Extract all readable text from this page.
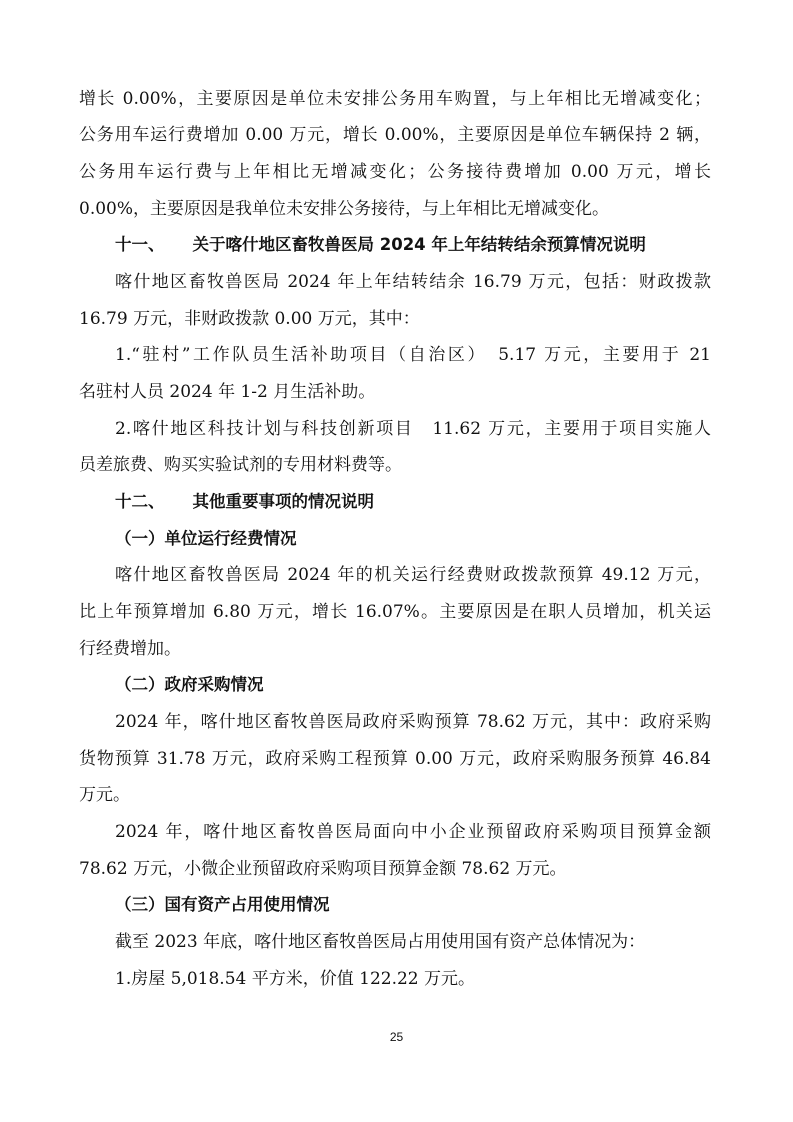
增长 0.00%，主要原因是单位未安排公务用车购置，与上年相比无增减变化；
公务用车运行费增加 0.00 万元，增长 0.00%，主要原因是单位车辆保持 2 辆，
公务用车运行费与上年相比无增减变化；公务接待费增加 0.00 万元，增长
0.00%，主要原因是我单位未安排公务接待，与上年相比无增减变化。
十一、 关于喀什地区畜牧兽医局 2024 年上年结转结余预算情况说明
喀什地区畜牧兽医局 2024 年上年结转结余 16.79 万元，包括：财政拨款
16.79 万元，非财政拨款 0.00 万元，其中：
1.“驻村”工作队员生活补助项目（自治区）　5.17 万元，主要用于 21
名驻村人员 2024 年 1-2 月生活补助。
2.喀什地区科技计划与科技创新项目　11.62 万元，主要用于项目实施人
员差旅费、购买实验试剂的专用材料费等。
十二、 其他重要事项的情况说明
（一）单位运行经费情况
喀什地区畜牧兽医局 2024 年的机关运行经费财政拨款预算 49.12 万元，
比上年预算增加 6.80 万元，增长 16.07%。主要原因是在职人员增加，机关运
行经费增加。
（二）政府采购情况
2024 年，喀什地区畜牧兽医局政府采购预算 78.62 万元，其中：政府采购
货物预算 31.78 万元，政府采购工程预算 0.00 万元，政府采购服务预算 46.84
万元。
2024 年，喀什地区畜牧兽医局面向中小企业预留政府采购项目预算金额
78.62 万元，小微企业预留政府采购项目预算金额 78.62 万元。
（三）国有资产占用使用情况
截至 2023 年底，喀什地区畜牧兽医局占用使用国有资产总体情况为：
1.房屋 5,018.54 平方米，价值 122.22 万元。
25
